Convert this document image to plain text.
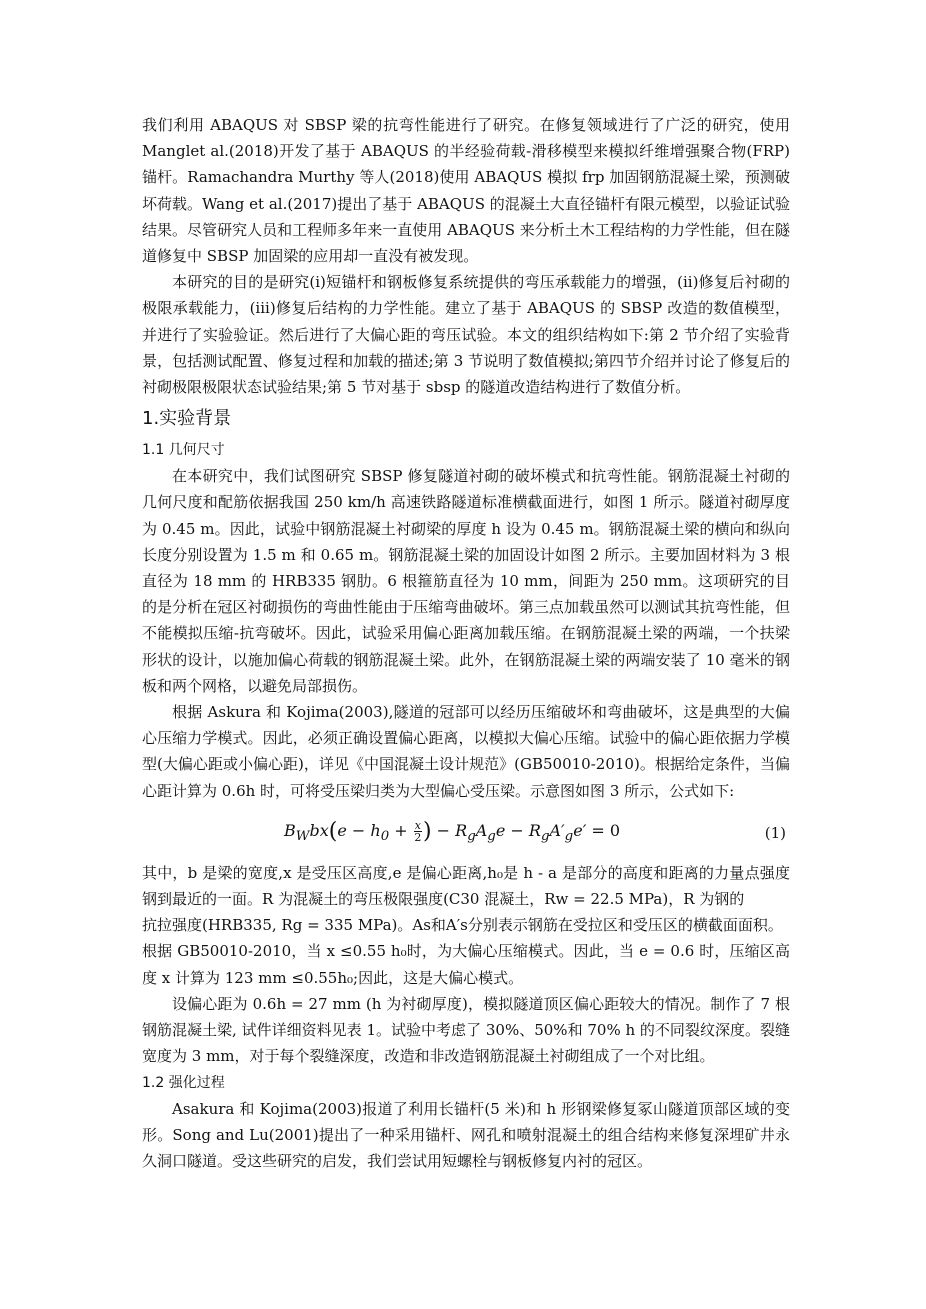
我们利用 ABAQUS 对 SBSP 梁的抗弯性能进行了研究。在修复领域进行了广泛的研究，使用 Manglet al.(2018)开发了基于 ABAQUS 的半经验荷载-滑移模型来模拟纤维增强聚合物(FRP)锚杆。Ramachandra Murthy 等人(2018)使用 ABAQUS 模拟 frp 加固钢筋混凝土梁，预测破坏荷载。Wang et al.(2017)提出了基于 ABAQUS 的混凝土大直径锚杆有限元模型，以验证试验结果。尽管研究人员和工程师多年来一直使用 ABAQUS 来分析土木工程结构的力学性能，但在隧道修复中 SBSP 加固梁的应用却一直没有被发现。

本研究的目的是研究(i)短锚杆和钢板修复系统提供的弯压承载能力的增强，(ii)修复后衬砌的极限承载能力，(iii)修复后结构的力学性能。建立了基于 ABAQUS 的 SBSP 改造的数值模型，并进行了实验验证。然后进行了大偏心距的弯压试验。本文的组织结构如下:第 2 节介绍了实验背景，包括测试配置、修复过程和加载的描述;第 3 节说明了数值模拟;第四节介绍并讨论了修复后的衬砌极限极限状态试验结果;第 5 节对基于 sbsp 的隧道改造结构进行了数值分析。

1.实验背景
1.1 几何尺寸

在本研究中，我们试图研究 SBSP 修复隧道衬砌的破坏模式和抗弯性能。钢筋混凝土衬砌的几何尺度和配筋依据我国 250 km/h 高速铁路隧道标准横截面进行，如图 1 所示。隧道衬砌厚度为 0.45 m。因此，试验中钢筋混凝土衬砌梁的厚度 h 设为 0.45 m。钢筋混凝土梁的横向和纵向长度分别设置为 1.5 m 和 0.65 m。钢筋混凝土梁的加固设计如图 2 所示。主要加固材料为 3 根直径为 18 mm 的 HRB335 钢肋。6 根箍筋直径为 10 mm，间距为 250 mm。这项研究的目的是分析在冠区衬砌损伤的弯曲性能由于压缩弯曲破坏。第三点加载虽然可以测试其抗弯性能，但不能模拟压缩-抗弯破坏。因此，试验采用偏心距离加载压缩。在钢筋混凝土梁的两端，一个扶梁形状的设计，以施加偏心荷载的钢筋混凝土梁。此外，在钢筋混凝土梁的两端安装了 10 毫米的钢板和两个网格，以避免局部损伤。

根据 Askura 和 Kojima(2003),隧道的冠部可以经历压缩破坏和弯曲破坏，这是典型的大偏心压缩力学模式。因此，必须正确设置偏心距离，以模拟大偏心压缩。试验中的偏心距依据力学模型(大偏心距或小偏心距)，详见《中国混凝土设计规范》(GB50010-2010)。根据给定条件，当偏心距计算为 0.6h 时，可将受压梁归类为大型偏心受压梁。示意图如图 3 所示，公式如下:

$B_Wbx(e - h_0 + \frac{x}{2}$ ) − $R_gA_ge - R_gA'_ge' = 0$	(1)

其中，b 是梁的宽度,x 是受压区高度,e 是偏心距离,h₀是 h - a 是部分的高度和距离的力量点强度钢到最近的一面。R 为混凝土的弯压极限强度(C30 混凝土，Rw = 22.5 MPa)，R 为钢的

抗拉强度(HRB335, Rg = 335 MPa)。As和A′s分别表示钢筋在受拉区和受压区的横截面面积。

根据 GB50010-2010，当 x ≤0.55 h₀时，为大偏心压缩模式。因此，当 e = 0.6 时，压缩区高度 x 计算为 123 mm ≤0.55h₀;因此，这是大偏心模式。

设偏心距为 0.6h = 27 mm (h 为衬砌厚度)，模拟隧道顶区偏心距较大的情况。制作了 7 根钢筋混凝土梁, 试件详细资料见表 1。试验中考虑了 30%、50%和 70% h 的不同裂纹深度。裂缝宽度为 3 mm，对于每个裂缝深度，改造和非改造钢筋混凝土衬砌组成了一个对比组。

1.2 强化过程

Asakura 和 Kojima(2003)报道了利用长锚杆(5 米)和 h 形钢梁修复冢山隧道顶部区域的变形。Song and Lu(2001)提出了一种采用锚杆、网孔和喷射混凝土的组合结构来修复深埋矿井永久洞口隧道。受这些研究的启发，我们尝试用短螺栓与钢板修复内衬的冠区。
